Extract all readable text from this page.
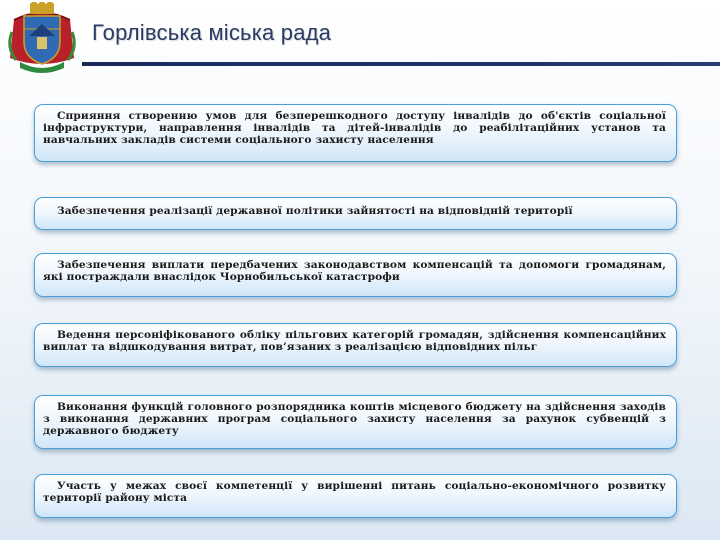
Горлівська міська рада
Сприяння створенню умов для безперешкодного доступу інвалідів до об'єктів соціальної інфраструктури, направлення інвалідів та дітей-інвалідів до реабілітаційних установ та навчальних закладів системи соціального захисту населення
Забезпечення реалізації державної політики зайнятості на відповідній території
Забезпечення виплати передбачених законодавством компенсацій та допомоги громадянам, які постраждали внаслідок Чорнобильської катастрофи
Ведення персоніфікованого обліку пільгових категорій громадян, здійснення компенсаційних виплат та відшкодування витрат, пов’язаних з реалізацією відповідних пільг
Виконання функцій головного розпорядника коштів місцевого бюджету на здійснення заходів з виконання державних програм соціального захисту населення за рахунок субвенцій з державного бюджету
Участь у межах своєї компетенції у вирішенні питань соціально-економічного розвитку території району міста
